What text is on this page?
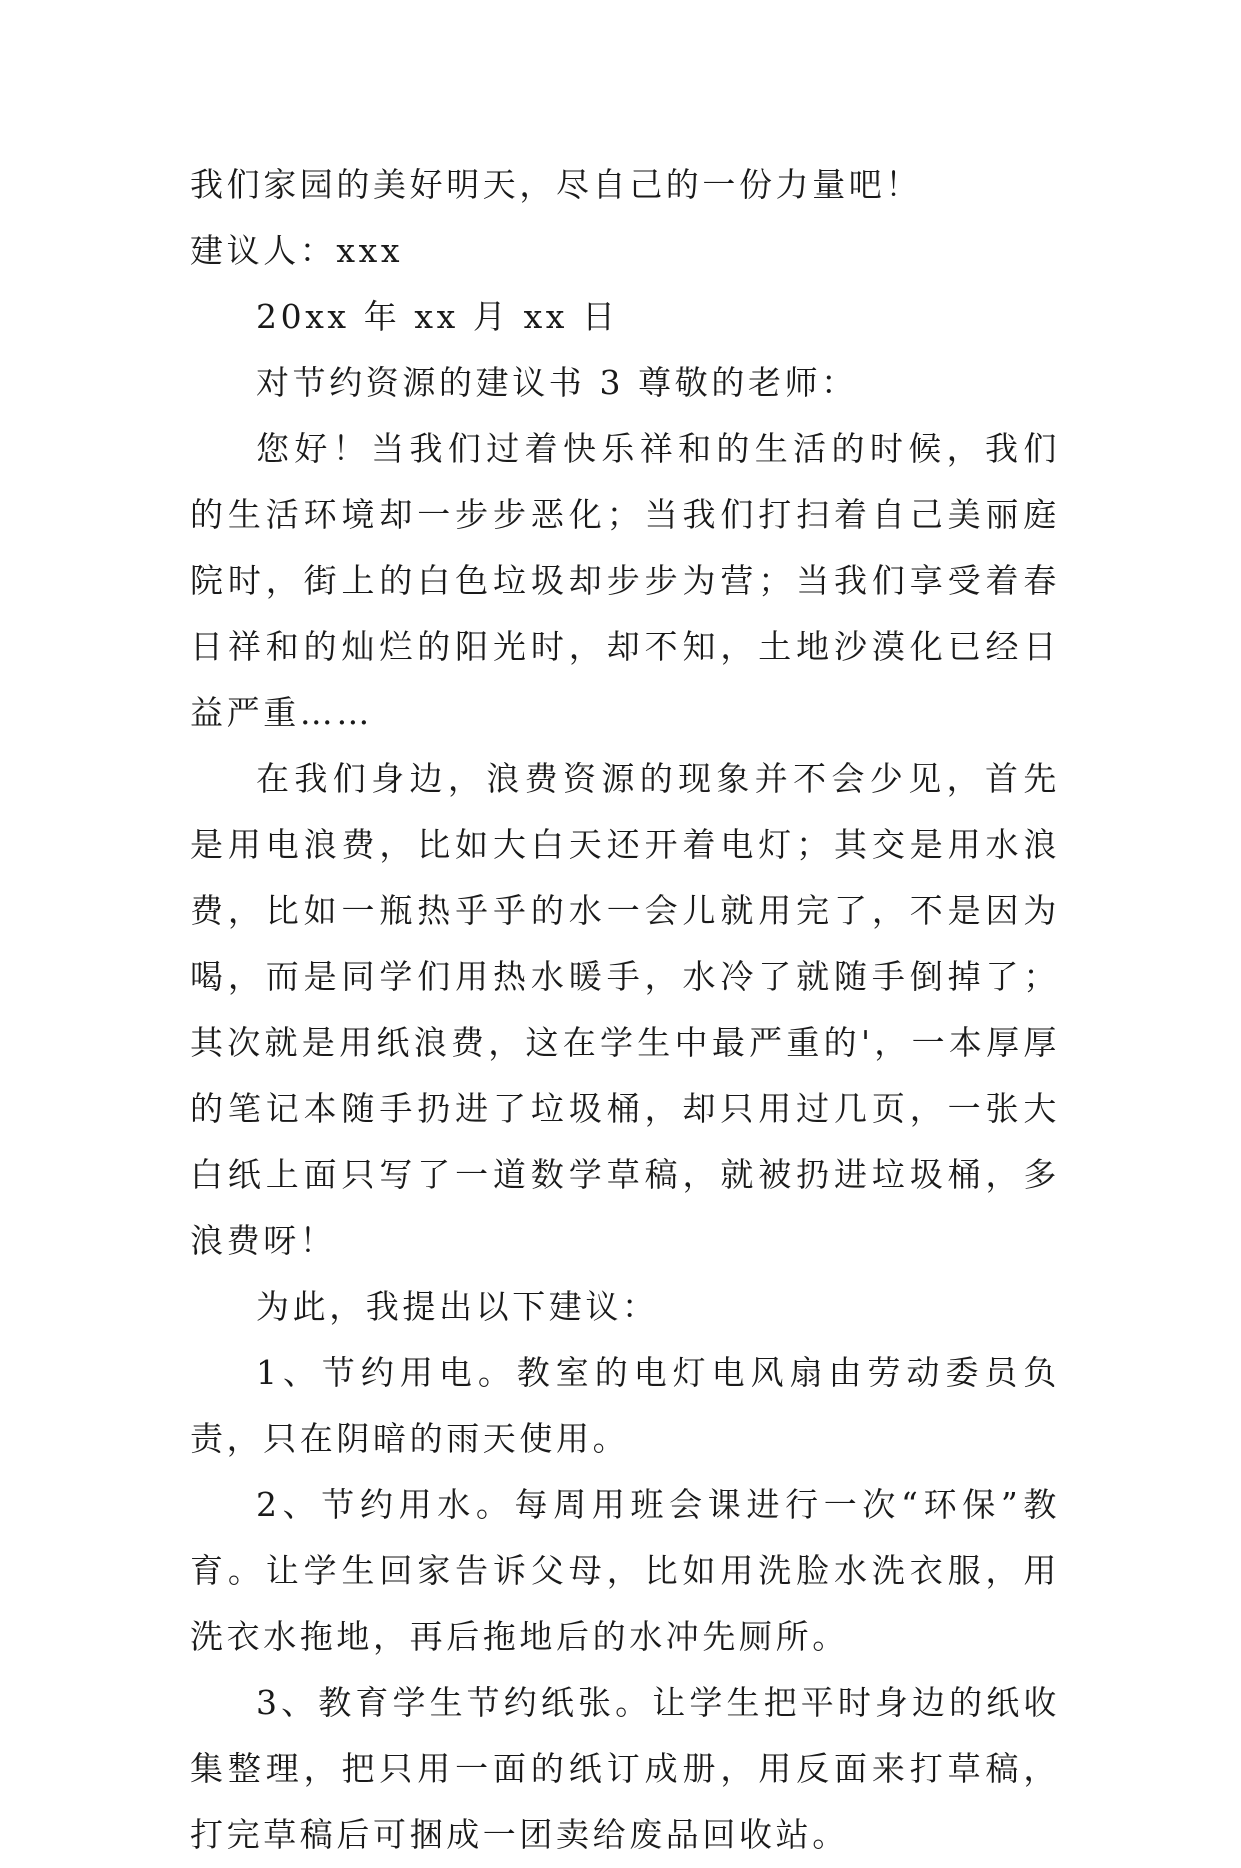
我们家园的美好明天，尽自己的一份力量吧！

建议人：xxx

20xx 年 xx 月 xx 日

对节约资源的建议书 3 尊敬的老师：

您好！当我们过着快乐祥和的生活的时候，我们的生活环境却一步步恶化；当我们打扫着自己美丽庭院时，街上的白色垃圾却步步为营；当我们享受着春日祥和的灿烂的阳光时，却不知，土地沙漠化已经日益严重……

在我们身边，浪费资源的现象并不会少见，首先是用电浪费，比如大白天还开着电灯；其交是用水浪费，比如一瓶热乎乎的水一会儿就用完了，不是因为喝，而是同学们用热水暖手，水冷了就随手倒掉了；其次就是用纸浪费，这在学生中最严重的'，一本厚厚的笔记本随手扔进了垃圾桶，却只用过几页，一张大白纸上面只写了一道数学草稿，就被扔进垃圾桶，多浪费呀！

为此，我提出以下建议：

1、节约用电。教室的电灯电风扇由劳动委员负责，只在阴暗的雨天使用。

2、节约用水。每周用班会课进行一次“环保”教育。让学生回家告诉父母，比如用洗脸水洗衣服，用洗衣水拖地，再后拖地后的水冲先厕所。

3、教育学生节约纸张。让学生把平时身边的纸收集整理，把只用一面的纸订成册，用反面来打草稿，打完草稿后可捆成一团卖给废品回收站。
